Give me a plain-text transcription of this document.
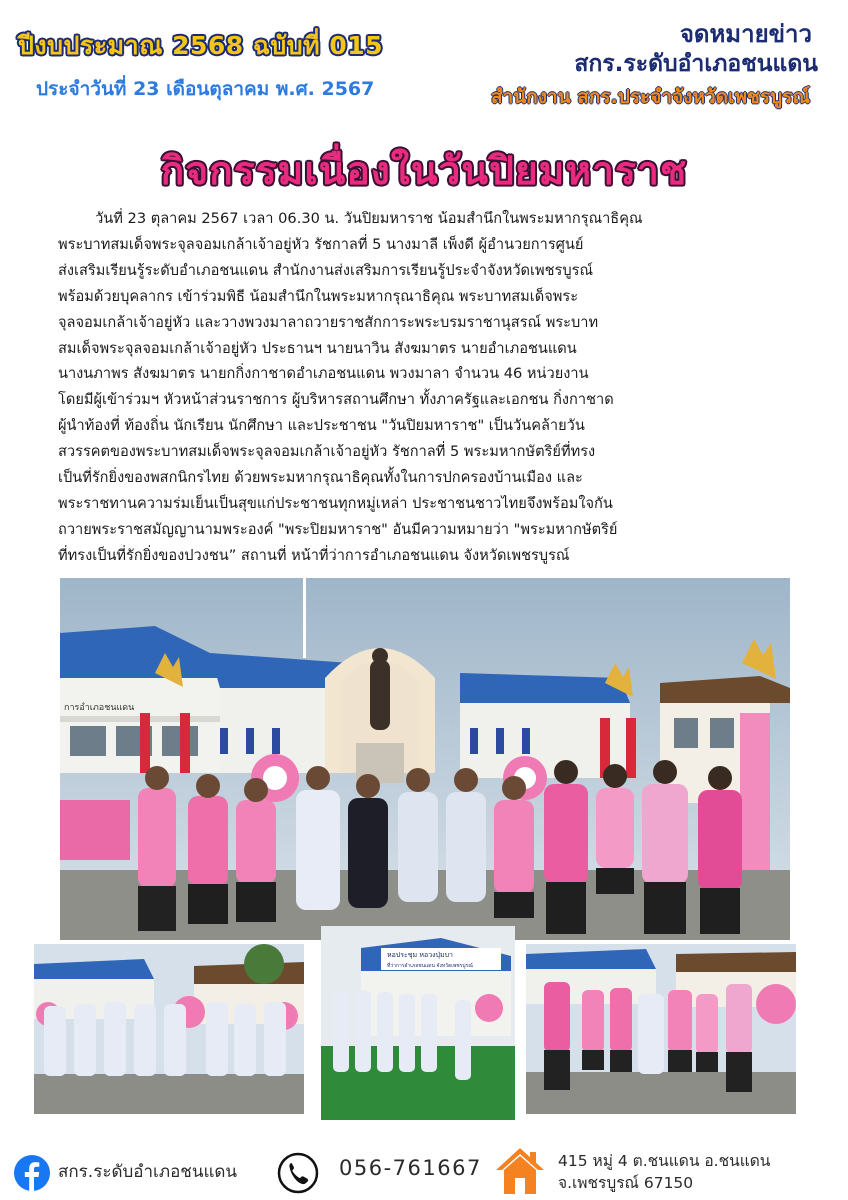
ปีงบประมาณ 2568 ฉบับที่ 015
ประจำวันที่ 23 เดือนตุลาคม พ.ศ. 2567
จดหมายข่าว
สกร.ระดับอำเภอชนแดน
สำนักงาน สกร.ประจำจังหวัดเพชรบูรณ์
กิจกรรมเนื่องในวันปิยมหาราช

วันที่ 23 ตุลาคม 2567 เวลา 06.30 น. วันปิยมหาราช น้อมสำนึกในพระมหากรุณาธิคุณ
พระบาทสมเด็จพระจุลจอมเกล้าเจ้าอยู่หัว รัชกาลที่ 5 นางมาลี เพ็งดี ผู้อำนวยการศูนย์
ส่งเสริมเรียนรู้ระดับอำเภอชนแดน สำนักงานส่งเสริมการเรียนรู้ประจำจังหวัดเพชรบูรณ์
พร้อมด้วยบุคลากร เข้าร่วมพิธี น้อมสำนึกในพระมหากรุณาธิคุณ พระบาทสมเด็จพระ
จุลจอมเกล้าเจ้าอยู่หัว และวางพวงมาลาถวายราชสักการะพระบรมราชานุสรณ์ พระบาท
สมเด็จพระจุลจอมเกล้าเจ้าอยู่หัว ประธานฯ นายนาวิน สังฆมาตร นายอำเภอชนแดน
นางนภาพร สังฆมาตร นายกกิ่งกาชาดอำเภอชนแดน พวงมาลา จำนวน 46 หน่วยงาน
โดยมีผู้เข้าร่วมฯ หัวหน้าส่วนราชการ ผู้บริหารสถานศึกษา ทั้งภาครัฐและเอกชน กิ่งกาชาด
ผู้นำท้องที่ ท้องถิ่น นักเรียน นักศึกษา และประชาชน "วันปิยมหาราช" เป็นวันคล้ายวัน
สวรรคตของพระบาทสมเด็จพระจุลจอมเกล้าเจ้าอยู่หัว รัชกาลที่ 5 พระมหากษัตริย์ที่ทรง
เป็นที่รักยิ่งของพสกนิกรไทย ด้วยพระมหากรุณาธิคุณทั้งในการปกครองบ้านเมือง และ
พระราชทานความร่มเย็นเป็นสุขแก่ประชาชนทุกหมู่เหล่า ประชาชนชาวไทยจึงพร้อมใจกัน
ถวายพระราชสมัญญานามพระองค์ "พระปิยมหาราช" อันมีความหมายว่า "พระมหากษัตริย์
ที่ทรงเป็นที่รักยิ่งของปวงชน” สถานที่ หน้าที่ว่าการอำเภอชนแดน จังหวัดเพชรบูรณ์

การอำเภอชนแดน
หอประชุม หอวงปุ่มบา
ที่ว่าการอำเภอชนแดน จังหวัดเพชรบูรณ์
สกร.ระดับอำเภอชนแดน	056-761667	415 หมู่ 4 ต.ชนแดน อ.ชนแดน
จ.เพชรบูรณ์ 67150
